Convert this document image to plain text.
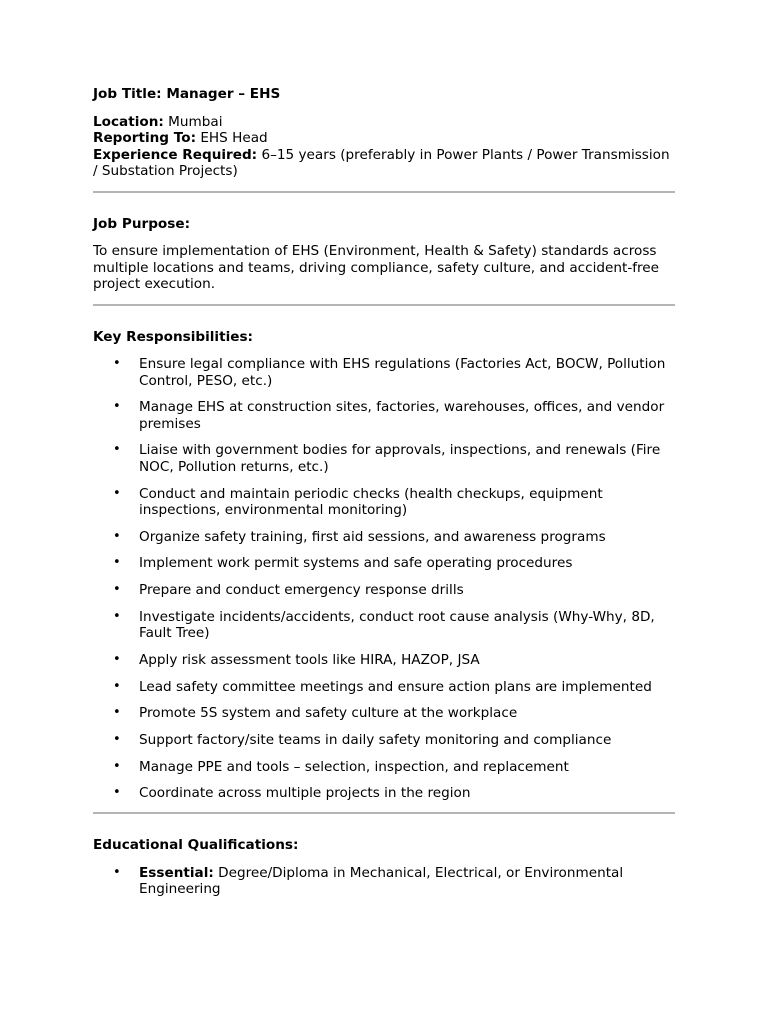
Job Title: Manager – EHS
Location: Mumbai
Reporting To: EHS Head
Experience Required: 6–15 years (preferably in Power Plants / Power Transmission / Substation Projects)
Job Purpose:
To ensure implementation of EHS (Environment, Health & Safety) standards across multiple locations and teams, driving compliance, safety culture, and accident-free project execution.
Key Responsibilities:
• Ensure legal compliance with EHS regulations (Factories Act, BOCW, Pollution Control, PESO, etc.)
• Manage EHS at construction sites, factories, warehouses, offices, and vendor premises
• Liaise with government bodies for approvals, inspections, and renewals (Fire NOC, Pollution returns, etc.)
• Conduct and maintain periodic checks (health checkups, equipment inspections, environmental monitoring)
• Organize safety training, first aid sessions, and awareness programs
• Implement work permit systems and safe operating procedures
• Prepare and conduct emergency response drills
• Investigate incidents/accidents, conduct root cause analysis (Why-Why, 8D, Fault Tree)
• Apply risk assessment tools like HIRA, HAZOP, JSA
• Lead safety committee meetings and ensure action plans are implemented
• Promote 5S system and safety culture at the workplace
• Support factory/site teams in daily safety monitoring and compliance
• Manage PPE and tools – selection, inspection, and replacement
• Coordinate across multiple projects in the region
Educational Qualifications:
• Essential: Degree/Diploma in Mechanical, Electrical, or Environmental Engineering
